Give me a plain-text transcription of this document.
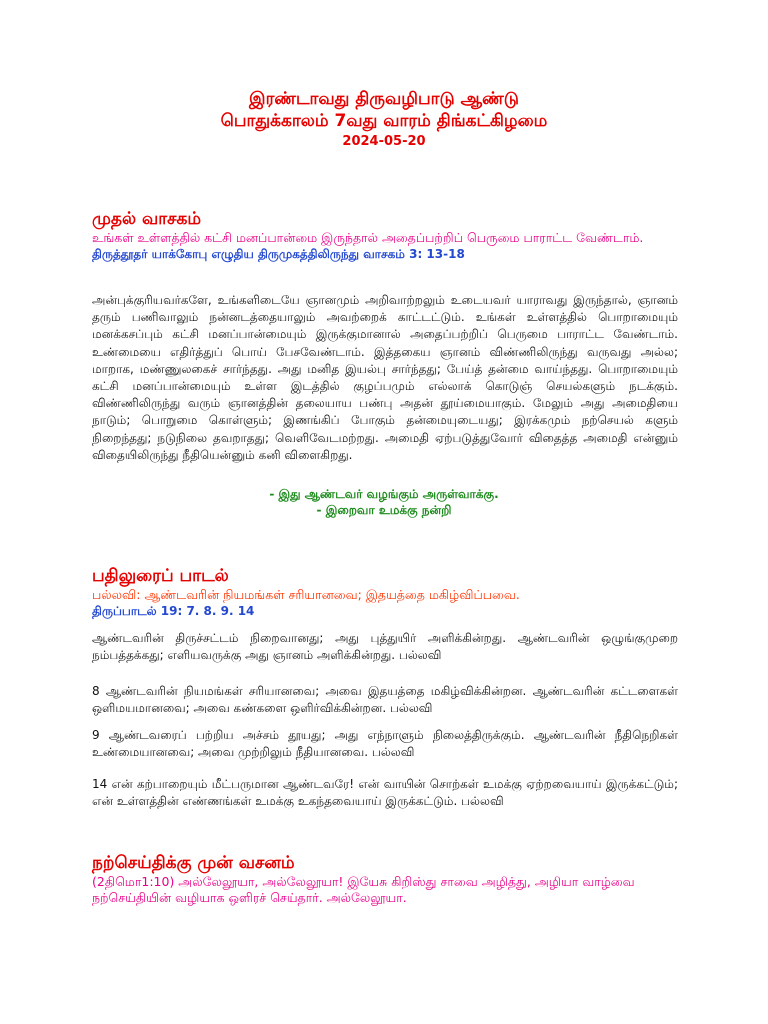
இரண்டாவது திருவழிபாடு ஆண்டு
பொதுக்காலம் 7வது வாரம் திங்கட்கிழமை
2024-05-20
முதல் வாசகம்
உங்கள் உள்ளத்தில் கட்சி மனப்பான்மை இருந்தால் அதைப்பற்றிப் பெருமை பாராட்ட வேண்டாம்.
திருத்தூதர் யாக்கோபு எழுதிய திருமுகத்திலிருந்து வாசகம் 3: 13-18
அன்புக்குரியவர்களே, உங்களிடையே ஞானமும் அறிவாற்றலும் உடையவர் யாராவது இருந்தால், ஞானம் தரும் பணிவாலும் நன்னடத்தையாலும் அவற்றைக் காட்டட்டும். உங்கள் உள்ளத்தில் பொறாமையும் மனக்கசப்பும் கட்சி மனப்பான்மையும் இருக்குமானால் அதைப்பற்றிப் பெருமை பாராட்ட வேண்டாம். உண்மையை எதிர்த்துப் பொய் பேசவேண்டாம். இத்தகைய ஞானம் விண்ணிலிருந்து வருவது அல்ல; மாறாக, மண்ணுலகைச் சார்ந்தது. அது மனித இயல்பு சார்ந்தது; பேய்த் தன்மை வாய்ந்தது. பொறாமையும் கட்சி மனப்பான்மையும் உள்ள இடத்தில் குழப்பமும் எல்லாக் கொடுஞ் செயல்களும் நடக்கும். விண்ணிலிருந்து வரும் ஞானத்தின் தலையாய பண்பு அதன் தூய்மையாகும். மேலும் அது அமைதியை நாடும்; பொறுமை கொள்ளும்; இணங்கிப் போகும் தன்மையுடையது; இரக்கமும் நற்செயல் களும் நிறைந்தது; நடுநிலை தவறாதது; வெளிவேடமற்றது. அமைதி ஏற்படுத்துவோர் விதைத்த அமைதி என்னும் விதையிலிருந்து நீதியென்னும் கனி விளைகிறது.
- இது ஆண்டவர் வழங்கும் அருள்வாக்கு.
- இறைவா உமக்கு நன்றி
பதிலுரைப் பாடல்
பல்லவி: ஆண்டவரின் நியமங்கள் சரியானவை; இதயத்தை மகிழ்விப்பவை.
திருப்பாடல் 19: 7. 8. 9. 14
ஆண்டவரின் திருச்சட்டம் நிறைவானது; அது புத்துயிர் அளிக்கின்றது. ஆண்டவரின் ஒழுங்குமுறை நம்பத்தக்கது; எளியவருக்கு அது ஞானம் அளிக்கின்றது. பல்லவி
8 ஆண்டவரின் நியமங்கள் சரியானவை; அவை இதயத்தை மகிழ்விக்கின்றன. ஆண்டவரின் கட்டளைகள் ஒளிமயமானவை; அவை கண்களை ஒளிர்விக்கின்றன. பல்லவி
9 ஆண்டவரைப் பற்றிய அச்சம் தூயது; அது எந்நாளும் நிலைத்திருக்கும். ஆண்டவரின் நீதிநெறிகள் உண்மையானவை; அவை முற்றிலும் நீதியானவை. பல்லவி
14 என் கற்பாறையும் மீட்பருமான ஆண்டவரே! என் வாயின் சொற்கள் உமக்கு ஏற்றவையாய் இருக்கட்டும்; என் உள்ளத்தின் எண்ணங்கள் உமக்கு உகந்தவையாய் இருக்கட்டும். பல்லவி
நற்செய்திக்கு முன் வசனம்
(2திமொ1:10) அல்லேலூயா, அல்லேலூயா! இயேசு கிறிஸ்து சாவை அழித்து, அழியா வாழ்வை நற்செய்தியின் வழியாக ஒளிரச் செய்தார். அல்லேலூயா.
